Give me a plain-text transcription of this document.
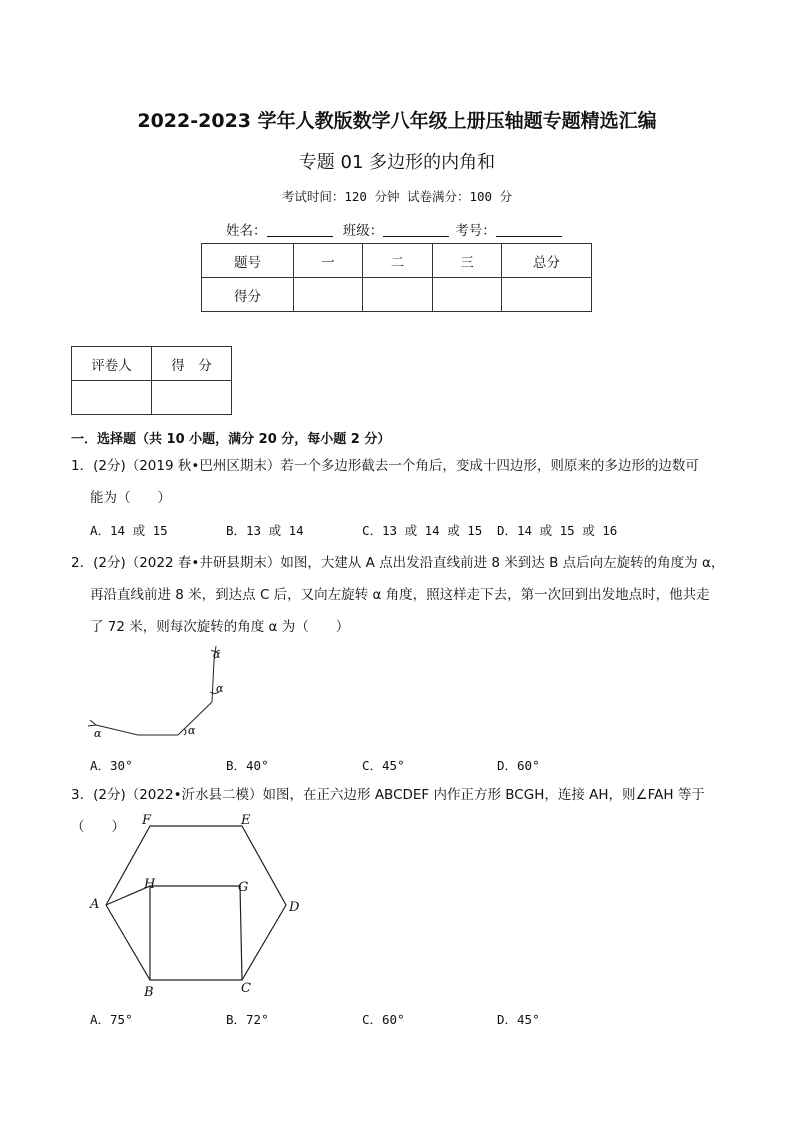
2022-2023 学年人教版数学八年级上册压轴题专题精选汇编
专题 01 多边形的内角和
考试时间：120 分钟 试卷满分：100 分
姓名：	班级：	考号：
题号	一	二	三	总分
得分				
评卷人	得　分

一．选择题（共 10 小题，满分 20 分，每小题 2 分）
1．(2分)（2019 秋•巴州区期末）若一个多边形截去一个角后，变成十四边形，则原来的多边形的边数可
能为（　　）
A．14 或 15	B．13 或 14	C．13 或 14 或 15 D．14 或 15 或 16
2．(2分)（2022 春•井研县期末）如图，大建从 A 点出发沿直线前进 8 米到达 B 点后向左旋转的角度为 α，
再沿直线前进 8 米，到达点 C 后，又向左旋转 α 角度，照这样走下去，第一次回到出发地点时，他共走
了 72 米，则每次旋转的角度 α 为（　　）
α	α
α
α
A．30°	B．40°	C．45°	D．60°
3．(2分)（2022•沂水县二模）如图，在正六边形 ABCDEF 内作正方形 BCGH，连接 AH，则∠FAH 等于（　　）	F	E
A	D
H	G
B	C
A．75°	B．72°	C．60°	D．45°
